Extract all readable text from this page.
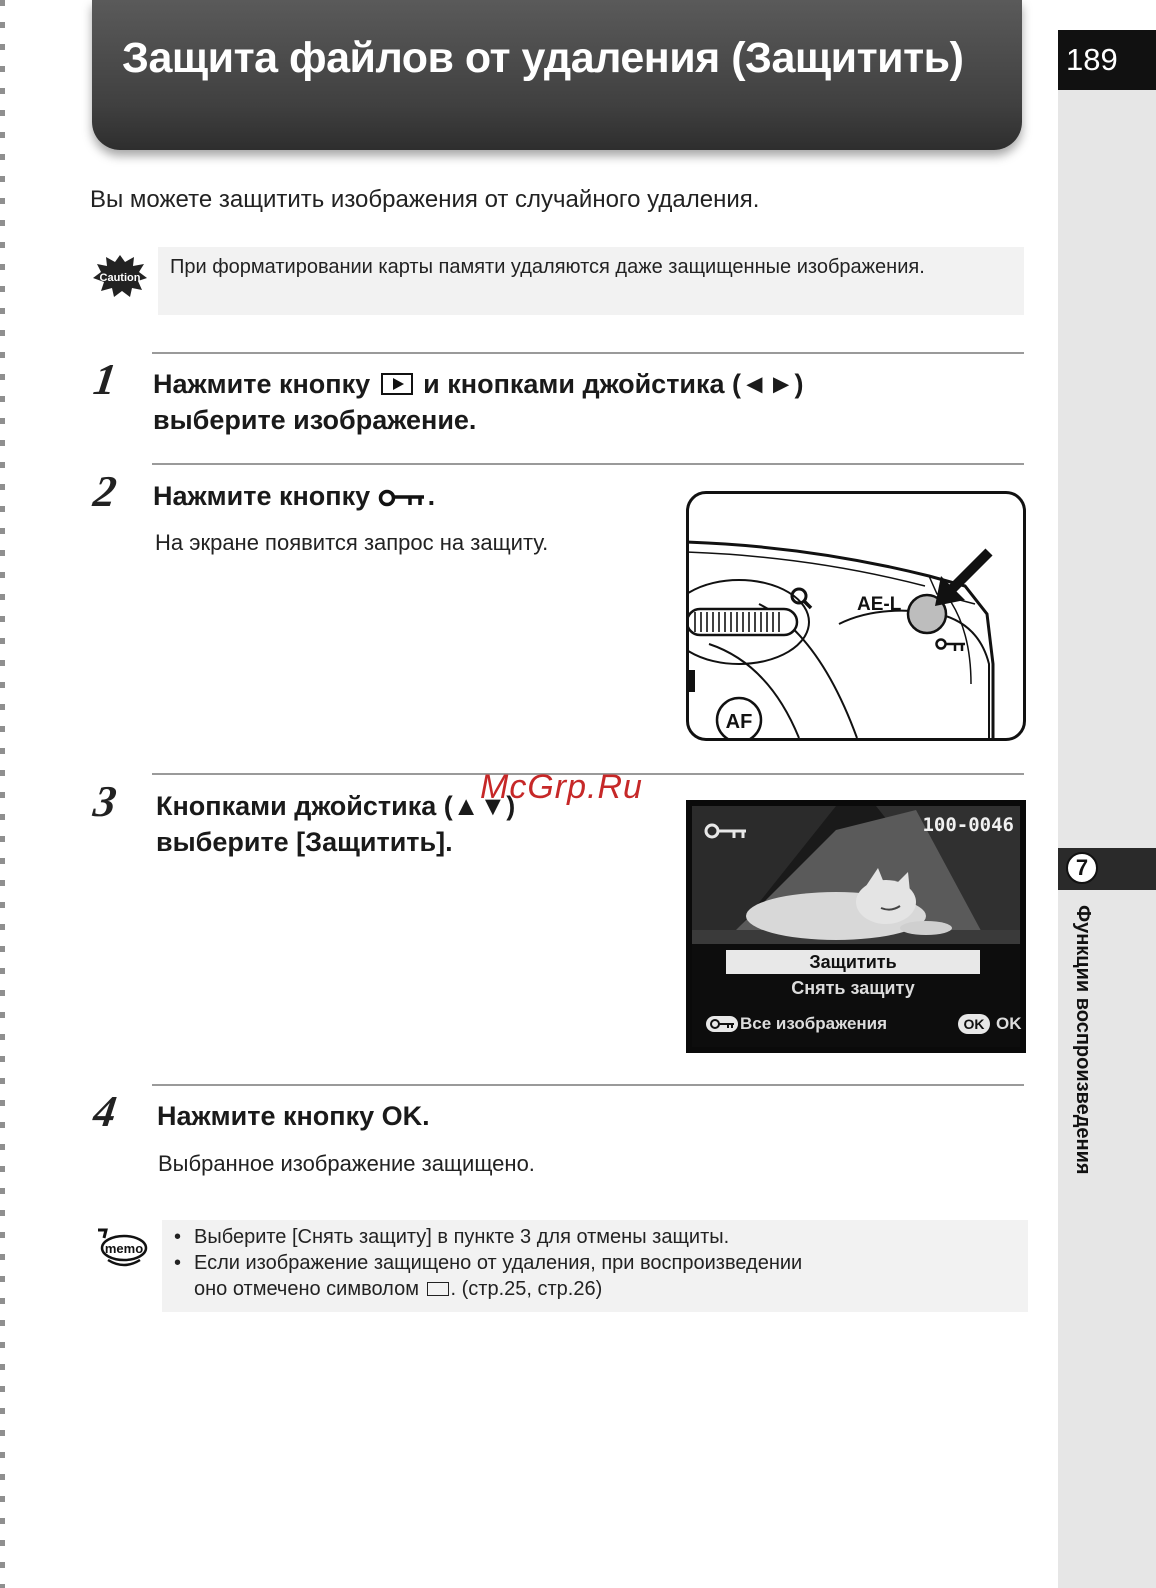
Защита файлов от удаления (Защитить)	189
7
Функции воспроизведения
Вы можете защитить изображения от случайного удаления.
Caution При форматировании карты памяти удаляются даже защищенные изображения.
1 Нажмите кнопку и кнопками джойстика (◄►)
выберите изображение.
2 Нажмите кнопку .
На экране появится запрос на защиту.
AE-L
AF
3 Кнопками джойстика (▲▼)
выберите [Защитить].
100-0046
Защитить
Снять защиту
Все изображения	OK OK
McGrp.Ru
4 Нажмите кнопку OK.
Выбранное изображение защищено.
memo
• Выберите [Снять защиту] в пункте 3 для отмены защиты.
• Если изображение защищено от удаления, при воспроизведении
оно отмечено символом . (стр.25, стр.26)
